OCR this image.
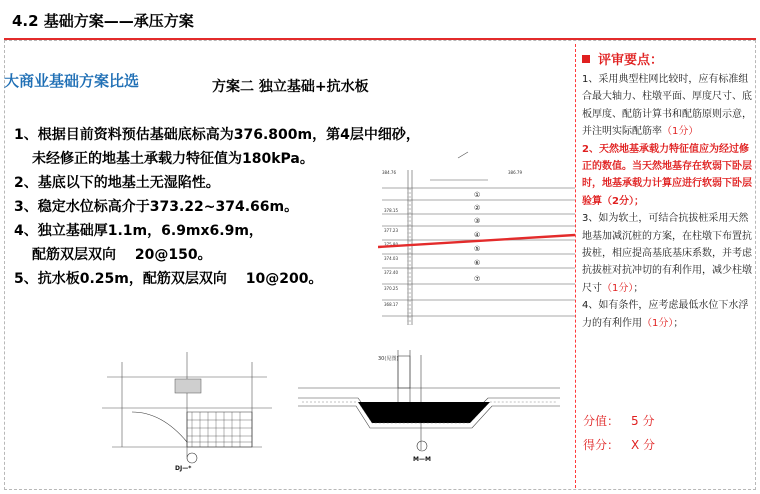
4.2 基础方案——承压方案
大商业基础方案比选	方案二 独立基础+抗水板
1、根据目前资料预估基础底标高为376.800m，第4层中细砂，
未经修正的地基土承载力特征值为180kPa。
2、基底以下的地基土无湿陷性。
3、稳定水位标高介于373.22~374.66m。
4、独立基础厚1.1m，6.9mx6.9m，
配筋双层双向　 20@150。
5、抗水板0.25m，配筋双层双向　 10@200。
384.76	386.79
378.15
377.23
375.80
374.03
372.40
370.25
368.17
①
②
③
④
⑤
⑥
⑦
DJ—*
30(见图)
M—M
评审要点：

1、采用典型柱网比较时，应有标准组合最大轴力、柱墩平面、厚度尺寸、底板厚度、配筋计算书和配筋原则示意，并注明实际配筋率（1分）

2、天然地基承载力特征值应为经过修正的数值。当天然地基存在软弱下卧层时，地基承载力计算应进行软弱下卧层验算（2分）；

3、如为软土，可结合抗拔桩采用天然地基加减沉桩的方案，在柱墩下布置抗拔桩，相应提高基底基床系数，并考虑抗拔桩对抗冲切的有利作用，减少柱墩尺寸（1分）；

4、如有条件，应考虑最低水位下水浮力的有利作用（1分）；

分值： 5 分
得分： X 分
